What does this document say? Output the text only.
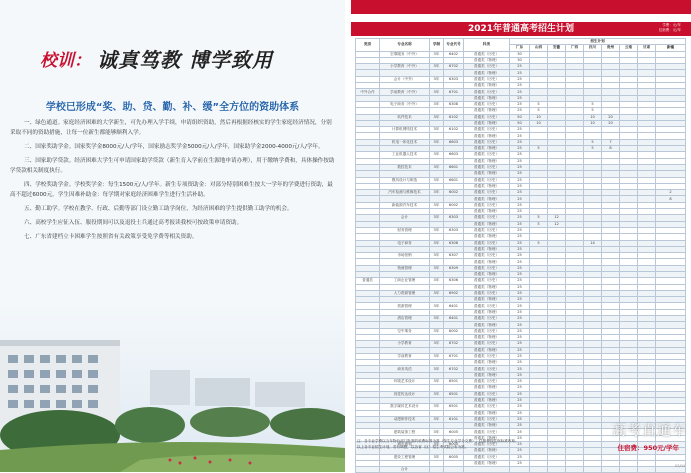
校训： 诚真笃教 博学致用
学校已形成“奖、助、贷、勤、补、缓”全方位的资助体系

一、绿色通道。家庭经济困难的大学新生，可先办理入学手续，申请组织资助，然后再根据经核实的学生家庭经济情况，分别采取不同的资助措施，让每一位新生都能够顺利入学。

二、国家奖助学金。国家奖学金8000元/人/学年，国家励志奖学金5000元/人/学年，国家助学金2000-4000元/人/学年。

三、国家助学贷款。经济困难大学生可申请国家助学贷款（新生育入学前在生源地申请办理），用于缴纳学费和，具体操作按助学贷款相关制度执行。

四、学校奖助学金。学校奖学金：每生1500元/人/学年。新生专项资助金：对部分特别困难生按大一学年的学费进行资助，最高不超过6000元。学生因难补助金：每学期对家庭经济困难学生进行生活补助。

五、勤工助学。学校在教学、行政、后勤等部门设立勤工助学岗位，为经济困难的学生提供勤工助学的机会。

六、高校学生应征入伍、服役期间可以及退役士兵通过高考报读我校可按政策申请资助。

七、广东省建档立卡困难学生按照省有关政策享受免学费等相关资助。

2021年普通高考招生计划	学费：元/年
住宿费：元/年
类别	专业名称	学制	专业代号	科类	招生计划								
					广东	山西	安徽	广西	四川	贵州	云南	甘肃	新疆
	空乘服务（中外）	3年	6402	普通类（历史）	30								
				普通类（物理）	30								
	小学教育（中外）	3年	6702	普通类（历史）	25								
				普通类（物理）	25								
	会计（中外）	3年	6303	普通类（历史）	25								
				普通类（物理）	25								
中外合作	学前教育（中外）	3年	6701	普通类（历史）	25								
				普通类（物理）	25								
	电子商务（中外）	3年	6308	普通类（历史）	25	5			5				
				普通类（物理）	25	5			5				
	软件技术	3年	6102	普通类（历史）	50	10			10	20			
				普通类（物理）	50	10			10	20			
	计算机网络技术	3年	6102	普通类（历史）	25								
				普通类（物理）	25								
	机电一体化技术	3年	6603	普通类（历史）	25				5	7			
				普通类（物理）	25	5			5	8			
	工业机器人技术	3年	6603	普通类（历史）	25								
				普通类（物理）	25								
	数控技术	3年	6601	普通类（历史）	25								
				普通类（物理）	25								
	模具设计与制造	3年	6601	普通类（历史）	25								
				普通类（物理）	25								
	汽车检测与维修技术	3年	6002	普通类（历史）	25								2
				普通类（物理）	25								8
	新能源汽车技术	3年	6002	普通类（历史）	25								
				普通类（物理）	25								
	会计	3年	6303	普通类（历史）	25	5	12						
				普通类（物理）	25	5	12						
	财务管理	3年	6303	普通类（历史）	25								
				普通类（物理）	25								
	电子商务	3年	6308	普通类（历史）	25	5			14				
				普通类（物理）	25								
	市场营销	3年	6307	普通类（历史）	25								
				普通类（物理）	25								
	物流管理	3年	6309	普通类（历史）	25								
				普通类（物理）	25								
普通类	工商企业管理	3年	6306	普通类（历史）	25								
				普通类（物理）	25								
	人力资源管理	3年	6902	普通类（历史）	25								
				普通类（物理）	25								
	旅游管理	3年	6401	普通类（历史）	25								
				普通类（物理）	25								
	酒店管理	3年	6401	普通类（历史）	25								
				普通类（物理）	25								
	空中乘务	3年	6002	普通类（历史）	25								
				普通类（物理）	25								
	小学教育	3年	6702	普通类（历史）	25								
				普通类（物理）	25								
	学前教育	3年	6701	普通类（历史）	25								
				普通类（物理）	25								
	商务英语	3年	6702	普通类（历史）	25								
				普通类（物理）	25								
	环境艺术设计	3年	6501	普通类（历史）	25								
				普通类（物理）	25								
	视觉传达设计	3年	6501	普通类（历史）	25								
				普通类（物理）	25								
	数字媒体艺术设计	3年	6501	普通类（历史）	25								
				普通类（物理）	25								
	动漫制作技术	3年	6101	普通类（历史）	25								
				普通类（物理）	25								
	建筑装饰工程	3年	6005	普通类（历史）	25								
				普通类（物理）	25								
	城乡规划	3年	6005	普通类（历史）	25								
				普通类（物理）	25								
	建设工程管理	3年	6005	普通类（历史）	25								
				普通类（物理）	25								
	合计												
注：各专业学费以当年物价部门批准的收费标准为准（按生专业学分交费）；住宿费按住宿标准收取。
以上各专业招生计划，若有调整，以各省（区）招生考试院公布为准。	住宿费：950元/学年
高考直通车
03/04
